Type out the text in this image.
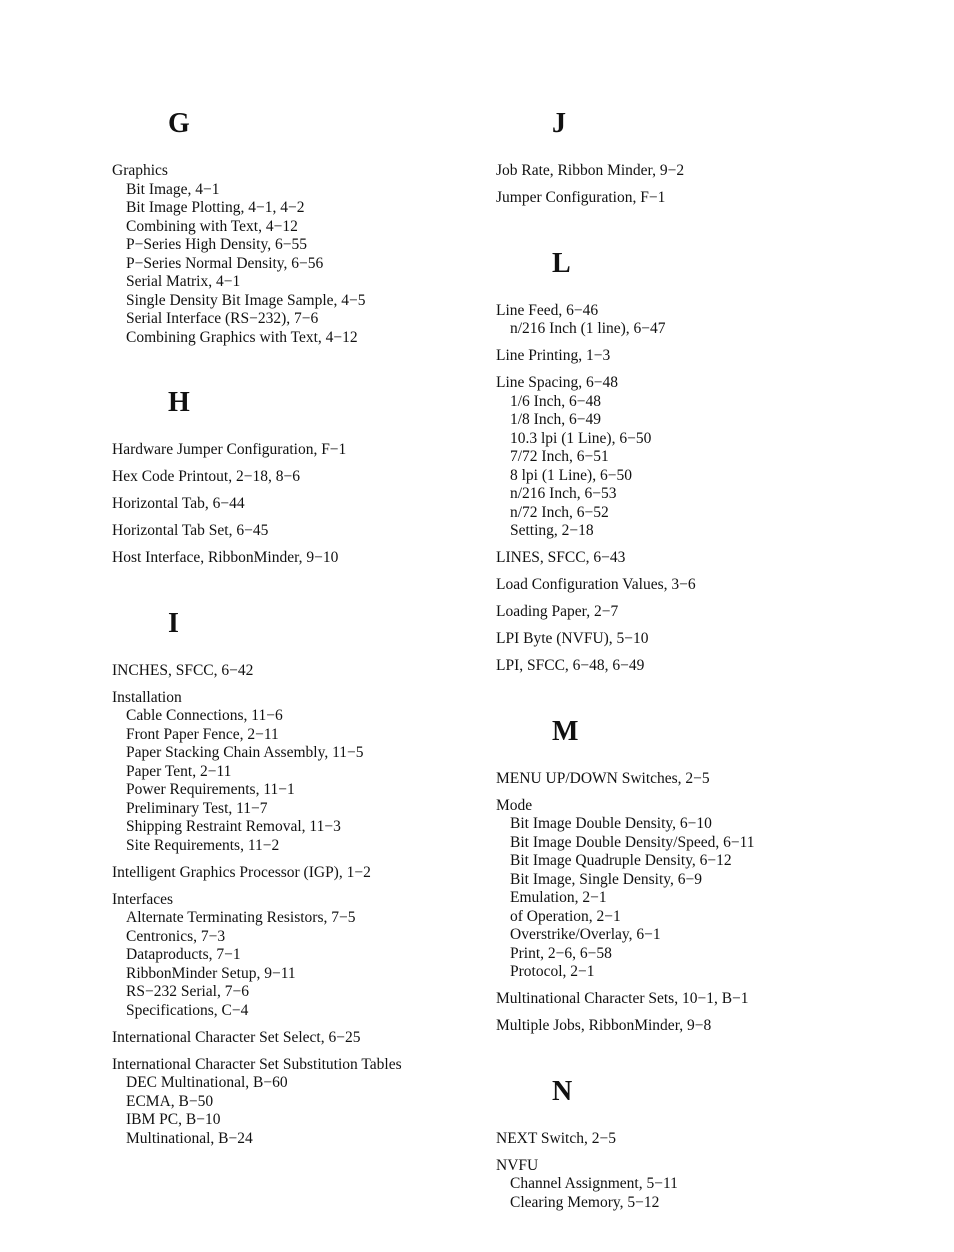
G
Graphics
Bit Image, 4−1
Bit Image Plotting, 4−1, 4−2
Combining with Text, 4−12
P−Series High Density, 6−55
P−Series Normal Density, 6−56
Serial Matrix, 4−1
Single Density Bit Image Sample, 4−5
Serial Interface (RS−232), 7−6
Combining Graphics with Text, 4−12
H
Hardware Jumper Configuration, F−1
Hex Code Printout, 2−18, 8−6
Horizontal Tab, 6−44
Horizontal Tab Set, 6−45
Host Interface, RibbonMinder, 9−10
I
INCHES, SFCC, 6−42
Installation
Cable Connections, 11−6
Front Paper Fence, 2−11
Paper Stacking Chain Assembly, 11−5
Paper Tent, 2−11
Power Requirements, 11−1
Preliminary Test, 11−7
Shipping Restraint Removal, 11−3
Site Requirements, 11−2
Intelligent Graphics Processor (IGP), 1−2
Interfaces
Alternate Terminating Resistors, 7−5
Centronics, 7−3
Dataproducts, 7−1
RibbonMinder Setup, 9−11
RS−232 Serial, 7−6
Specifications, C−4
International Character Set Select, 6−25
International Character Set Substitution Tables
DEC Multinational, B−60
ECMA, B−50
IBM PC, B−10
Multinational, B−24
J
Job Rate, Ribbon Minder, 9−2
Jumper Configuration, F−1
L
Line Feed, 6−46
n/216 Inch (1 line), 6−47
Line Printing, 1−3
Line Spacing, 6−48
1/6 Inch, 6−48
1/8 Inch, 6−49
10.3 lpi (1 Line), 6−50
7/72 Inch, 6−51
8 lpi (1 Line), 6−50
n/216 Inch, 6−53
n/72 Inch, 6−52
Setting, 2−18
LINES, SFCC, 6−43
Load Configuration Values, 3−6
Loading Paper, 2−7
LPI Byte (NVFU), 5−10
LPI, SFCC, 6−48, 6−49
M
MENU UP/DOWN Switches, 2−5
Mode
Bit Image Double Density, 6−10
Bit Image Double Density/Speed, 6−11
Bit Image Quadruple Density, 6−12
Bit Image, Single Density, 6−9
Emulation, 2−1
of Operation, 2−1
Overstrike/Overlay, 6−1
Print, 2−6, 6−58
Protocol, 2−1
Multinational Character Sets, 10−1, B−1
Multiple Jobs, RibbonMinder, 9−8
N
NEXT Switch, 2−5
NVFU
Channel Assignment, 5−11
Clearing Memory, 5−12
